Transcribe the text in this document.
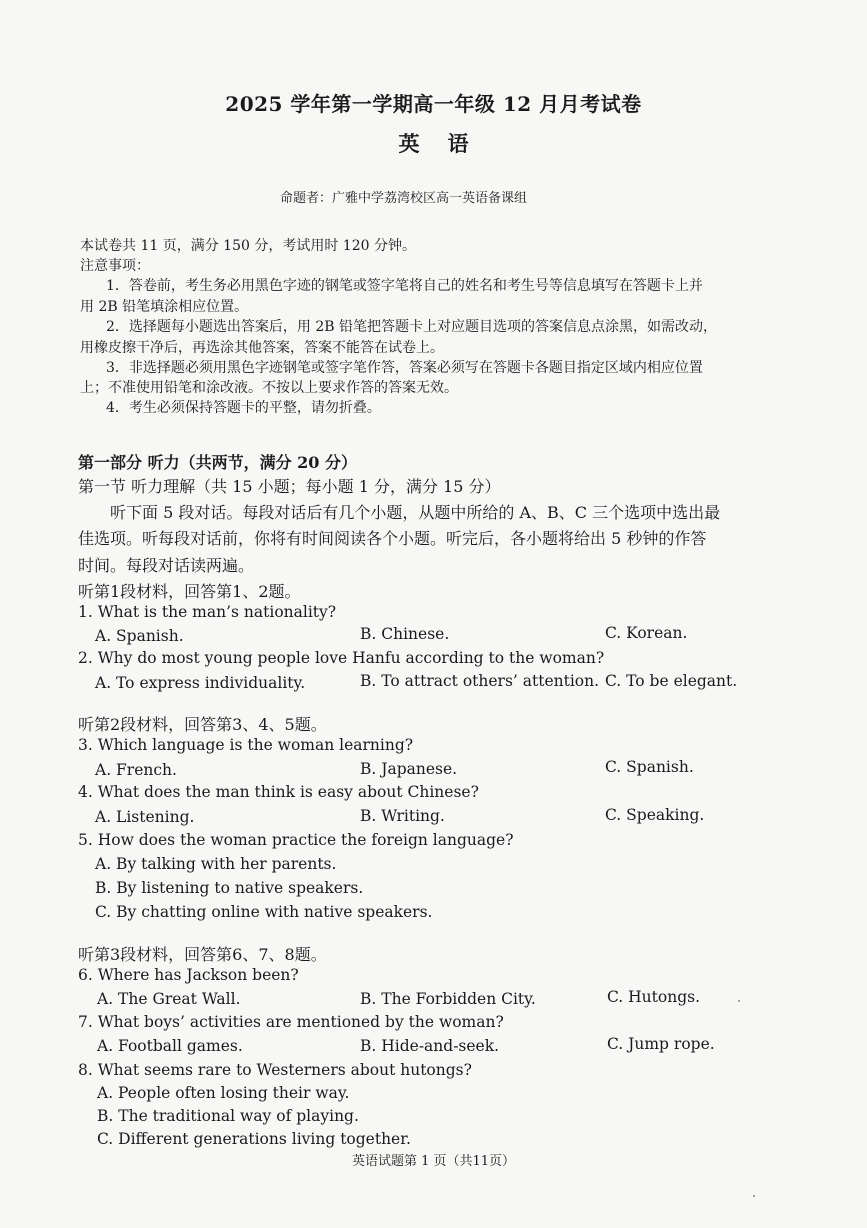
2025 学年第一学期高一年级 12 月月考试卷
英语
命题者：广雅中学荔湾校区高一英语备课组
本试卷共 11 页，满分 150 分，考试用时 120 分钟。
注意事项：
1．答卷前，考生务必用黑色字迹的钢笔或签字笔将自己的姓名和考生号等信息填写在答题卡上并
用 2B 铅笔填涂相应位置。
2．选择题每小题选出答案后，用 2B 铅笔把答题卡上对应题目选项的答案信息点涂黑，如需改动，
用橡皮擦干净后，再选涂其他答案，答案不能答在试卷上。
3．非选择题必须用黑色字迹钢笔或签字笔作答，答案必须写在答题卡各题目指定区域内相应位置
上；不准使用铅笔和涂改液。不按以上要求作答的答案无效。
4．考生必须保持答题卡的平整，请勿折叠。
第一部分 听力（共两节，满分 20 分）
第一节 听力理解（共 15 小题；每小题 1 分，满分 15 分）
听下面 5 段对话。每段对话后有几个小题，从题中所给的 A、B、C 三个选项中选出最
佳选项。听每段对话前，你将有时间阅读各个小题。听完后，各小题将给出 5 秒钟的作答
时间。每段对话读两遍。
听第1段材料，回答第1、2题。
1. What is the man’s nationality?
A. Spanish.	B. Chinese.	C. Korean.
2. Why do most young people love Hanfu according to the woman?
A. To express individuality.	B. To attract others’ attention. C. To be elegant.
听第2段材料，回答第3、4、5题。
3. Which language is the woman learning?
A. French.	B. Japanese.	C. Spanish.
4. What does the man think is easy about Chinese?
A. Listening.	B. Writing.	C. Speaking.
5. How does the woman practice the foreign language?
A. By talking with her parents.
B. By listening to native speakers.
C. By chatting online with native speakers.
听第3段材料，回答第6、7、8题。
6. Where has Jackson been?
A. The Great Wall.	B. The Forbidden City.	C. Hutongs.
7. What boys’ activities are mentioned by the woman?
A. Football games.	B. Hide-and-seek.	C. Jump rope.
8. What seems rare to Westerners about hutongs?
A. People often losing their way.
B. The traditional way of playing.
C. Different generations living together.
英语试题第 1 页（共11页）
